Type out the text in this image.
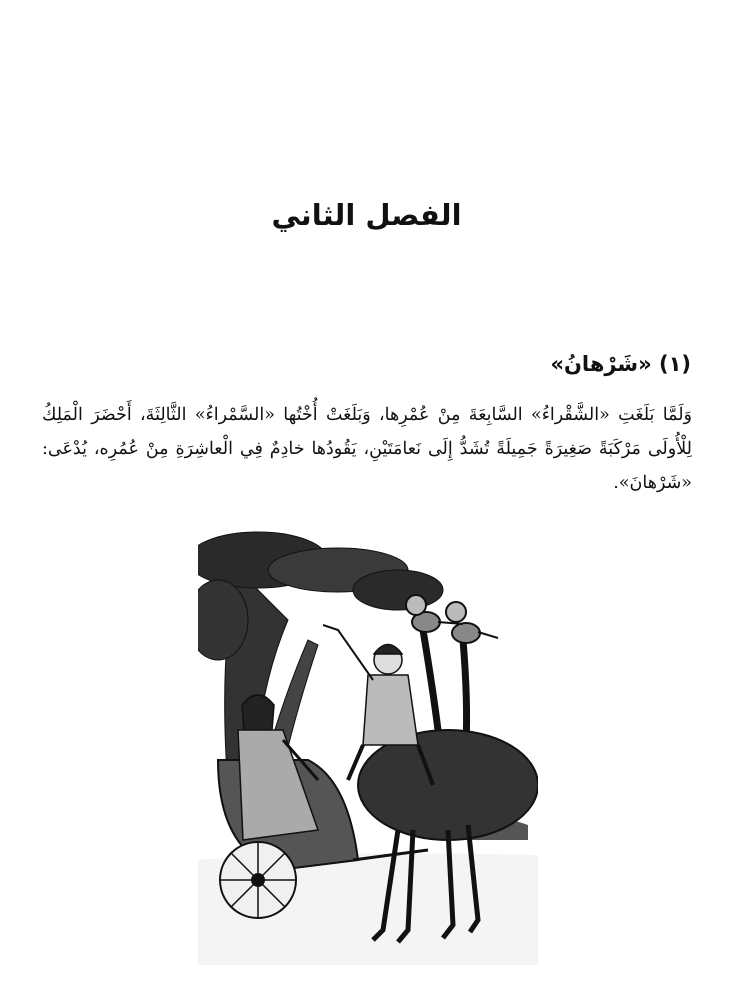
الفصل الثاني
(١) «شَرْهانُ»

وَلَمَّا بَلَغَتِ «الشَّقْراءُ» السَّابِعَةَ مِنْ عُمْرِها، وَبَلَغَتْ أُخْتُها «السَّمْراءُ» الثَّالِثَةَ، أَحْضَرَ الْمَلِكُ لِلْأُولَى مَرْكَبَةً صَغِيرَةً جَمِيلَةً تُشَدُّ إِلَى نَعامَتَيْنِ، يَقُودُها خادِمٌ فِي الْعاشِرَةِ مِنْ عُمُرِه، يُدْعَى: «شَرْهانَ».
